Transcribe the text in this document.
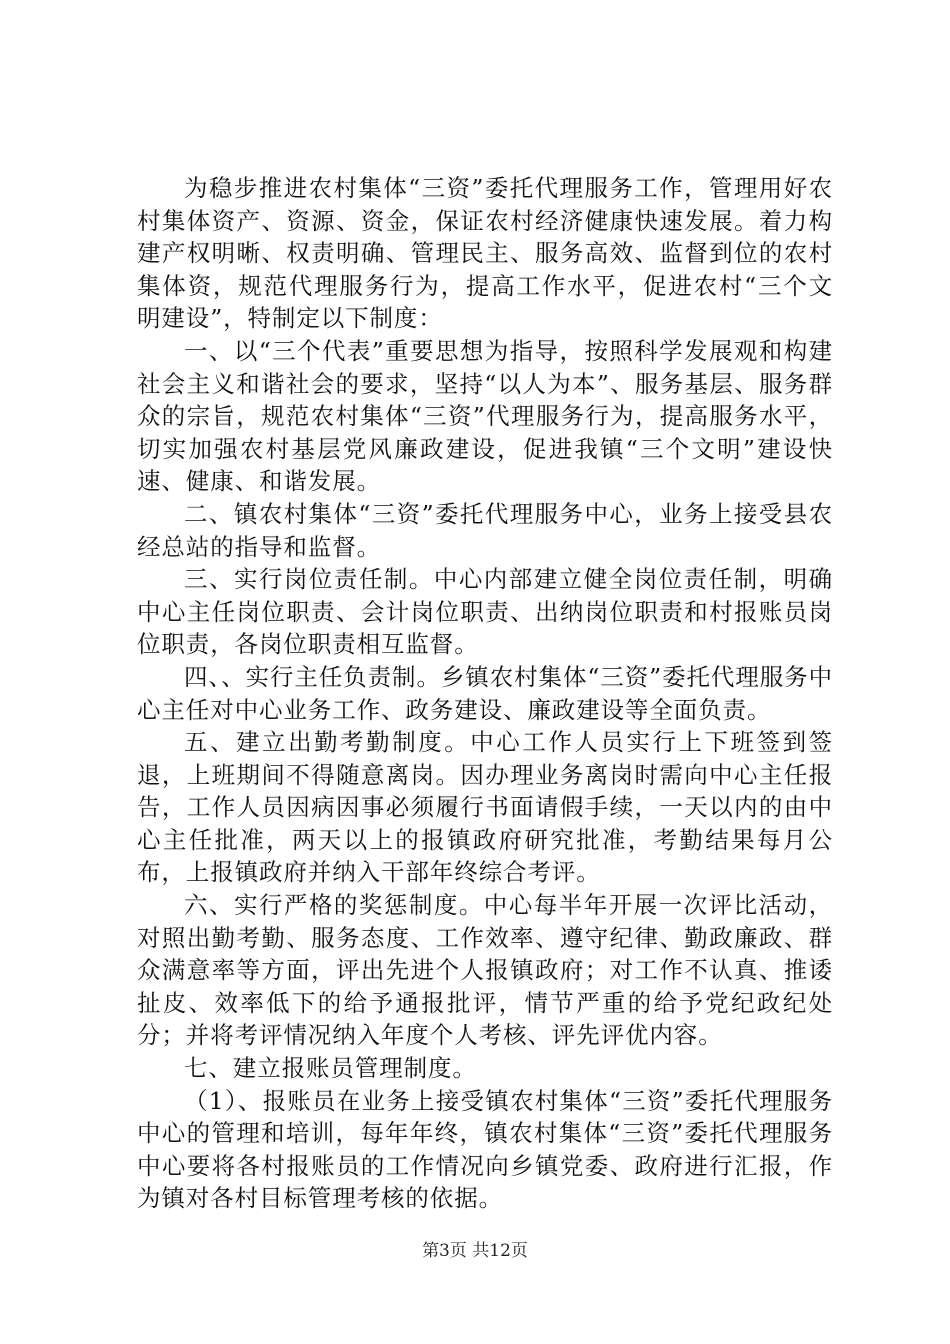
为稳步推进农村集体“三资”委托代理服务工作，管理用好农村集体资产、资源、资金，保证农村经济健康快速发展。着力构建产权明晰、权责明确、管理民主、服务高效、监督到位的农村集体资，规范代理服务行为，提高工作水平，促进农村“三个文明建设”，特制定以下制度：

一、以“三个代表”重要思想为指导，按照科学发展观和构建社会主义和谐社会的要求，坚持“以人为本”、服务基层、服务群众的宗旨，规范农村集体“三资”代理服务行为，提高服务水平，切实加强农村基层党风廉政建设，促进我镇“三个文明”建设快速、健康、和谐发展。

二、镇农村集体“三资”委托代理服务中心，业务上接受县农经总站的指导和监督。

三、实行岗位责任制。中心内部建立健全岗位责任制，明确中心主任岗位职责、会计岗位职责、出纳岗位职责和村报账员岗位职责，各岗位职责相互监督。

四、、实行主任负责制。乡镇农村集体“三资”委托代理服务中心主任对中心业务工作、政务建设、廉政建设等全面负责。

五、建立出勤考勤制度。中心工作人员实行上下班签到签退，上班期间不得随意离岗。因办理业务离岗时需向中心主任报告，工作人员因病因事必须履行书面请假手续，一天以内的由中心主任批准，两天以上的报镇政府研究批准，考勤结果每月公布，上报镇政府并纳入干部年终综合考评。

六、实行严格的奖惩制度。中心每半年开展一次评比活动，对照出勤考勤、服务态度、工作效率、遵守纪律、勤政廉政、群众满意率等方面，评出先进个人报镇政府；对工作不认真、推诿扯皮、效率低下的给予通报批评，情节严重的给予党纪政纪处分；并将考评情况纳入年度个人考核、评先评优内容。

七、建立报账员管理制度。

（1）、报账员在业务上接受镇农村集体“三资”委托代理服务中心的管理和培训，每年年终，镇农村集体“三资”委托代理服务中心要将各村报账员的工作情况向乡镇党委、政府进行汇报，作为镇对各村目标管理考核的依据。

第3页 共12页
